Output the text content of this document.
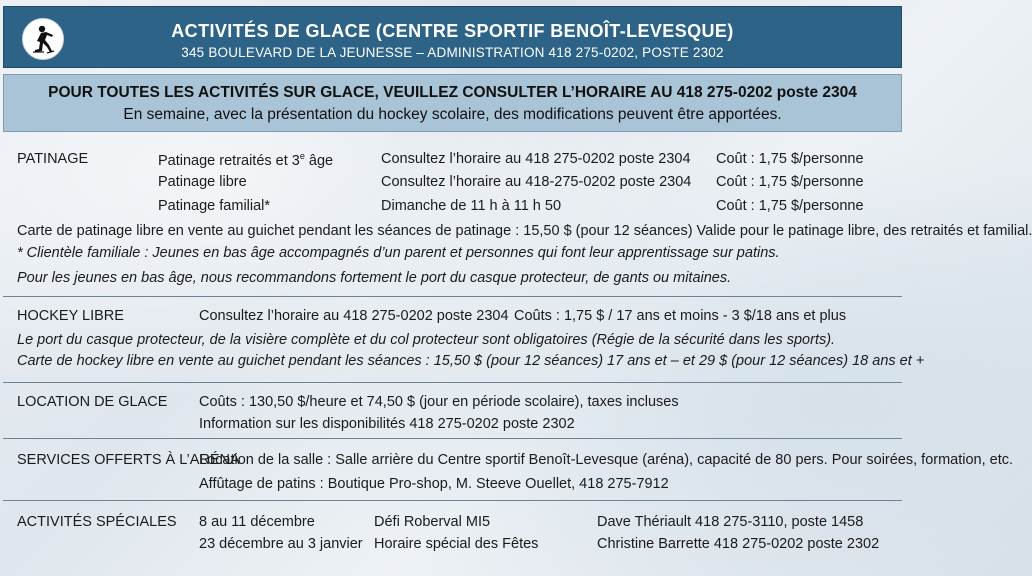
ACTIVITÉS DE GLACE (CENTRE SPORTIF BENOÎT-LEVESQUE)
345 BOULEVARD DE LA JEUNESSE – ADMINISTRATION 418 275-0202, POSTE 2302
POUR TOUTES LES ACTIVITÉS SUR GLACE, VEUILLEZ CONSULTER L’HORAIRE AU 418 275-0202 poste 2304
En semaine, avec la présentation du hockey scolaire, des modifications peuvent être apportées.
PATINAGE	Patinage retraités et 3e âge	Consultez l’horaire au 418 275-0202 poste 2304 Coût : 1,75 $/personne
Patinage libre	Consultez l’horaire au 418-275-0202 poste 2304 Coût : 1,75 $/personne
Patinage familial*	Dimanche de 11 h à 11 h 50	Coût : 1,75 $/personne
Carte de patinage libre en vente au guichet pendant les séances de patinage : 15,50 $ (pour 12 séances) Valide pour le patinage libre, des retraités et familial.
* Clientèle familiale : Jeunes en bas âge accompagnés d’un parent et personnes qui font leur apprentissage sur patins.
Pour les jeunes en bas âge, nous recommandons fortement le port du casque protecteur, de gants ou mitaines.
HOCKEY LIBRE	Consultez l’horaire au 418 275-0202 poste 2304 Coûts : 1,75 $ / 17 ans et moins - 3 $/18 ans et plus
Le port du casque protecteur, de la visière complète et du col protecteur sont obligatoires (Régie de la sécurité dans les sports).
Carte de hockey libre en vente au guichet pendant les séances : 15,50 $ (pour 12 séances) 17 ans et – et 29 $ (pour 12 séances) 18 ans et +
LOCATION DE GLACE Coûts : 130,50 $/heure et 74,50 $ (jour en période scolaire), taxes incluses
Information sur les disponibilités 418 275-0202 poste 2302
SERVICES OFFERTS À L’ARÉNA
Location de la salle : Salle arrière du Centre sportif Benoît-Levesque (aréna), capacité de 80 pers. Pour soirées, formation, etc.
Affûtage de patins : Boutique Pro-shop, M. Steeve Ouellet, 418 275-7912
ACTIVITÉS SPÉCIALES 8 au 11 décembre	Défi Roberval MI5	Dave Thériault 418 275-3110, poste 1458
23 décembre au 3 janvier Horaire spécial des Fêtes	Christine Barrette 418 275-0202 poste 2302
